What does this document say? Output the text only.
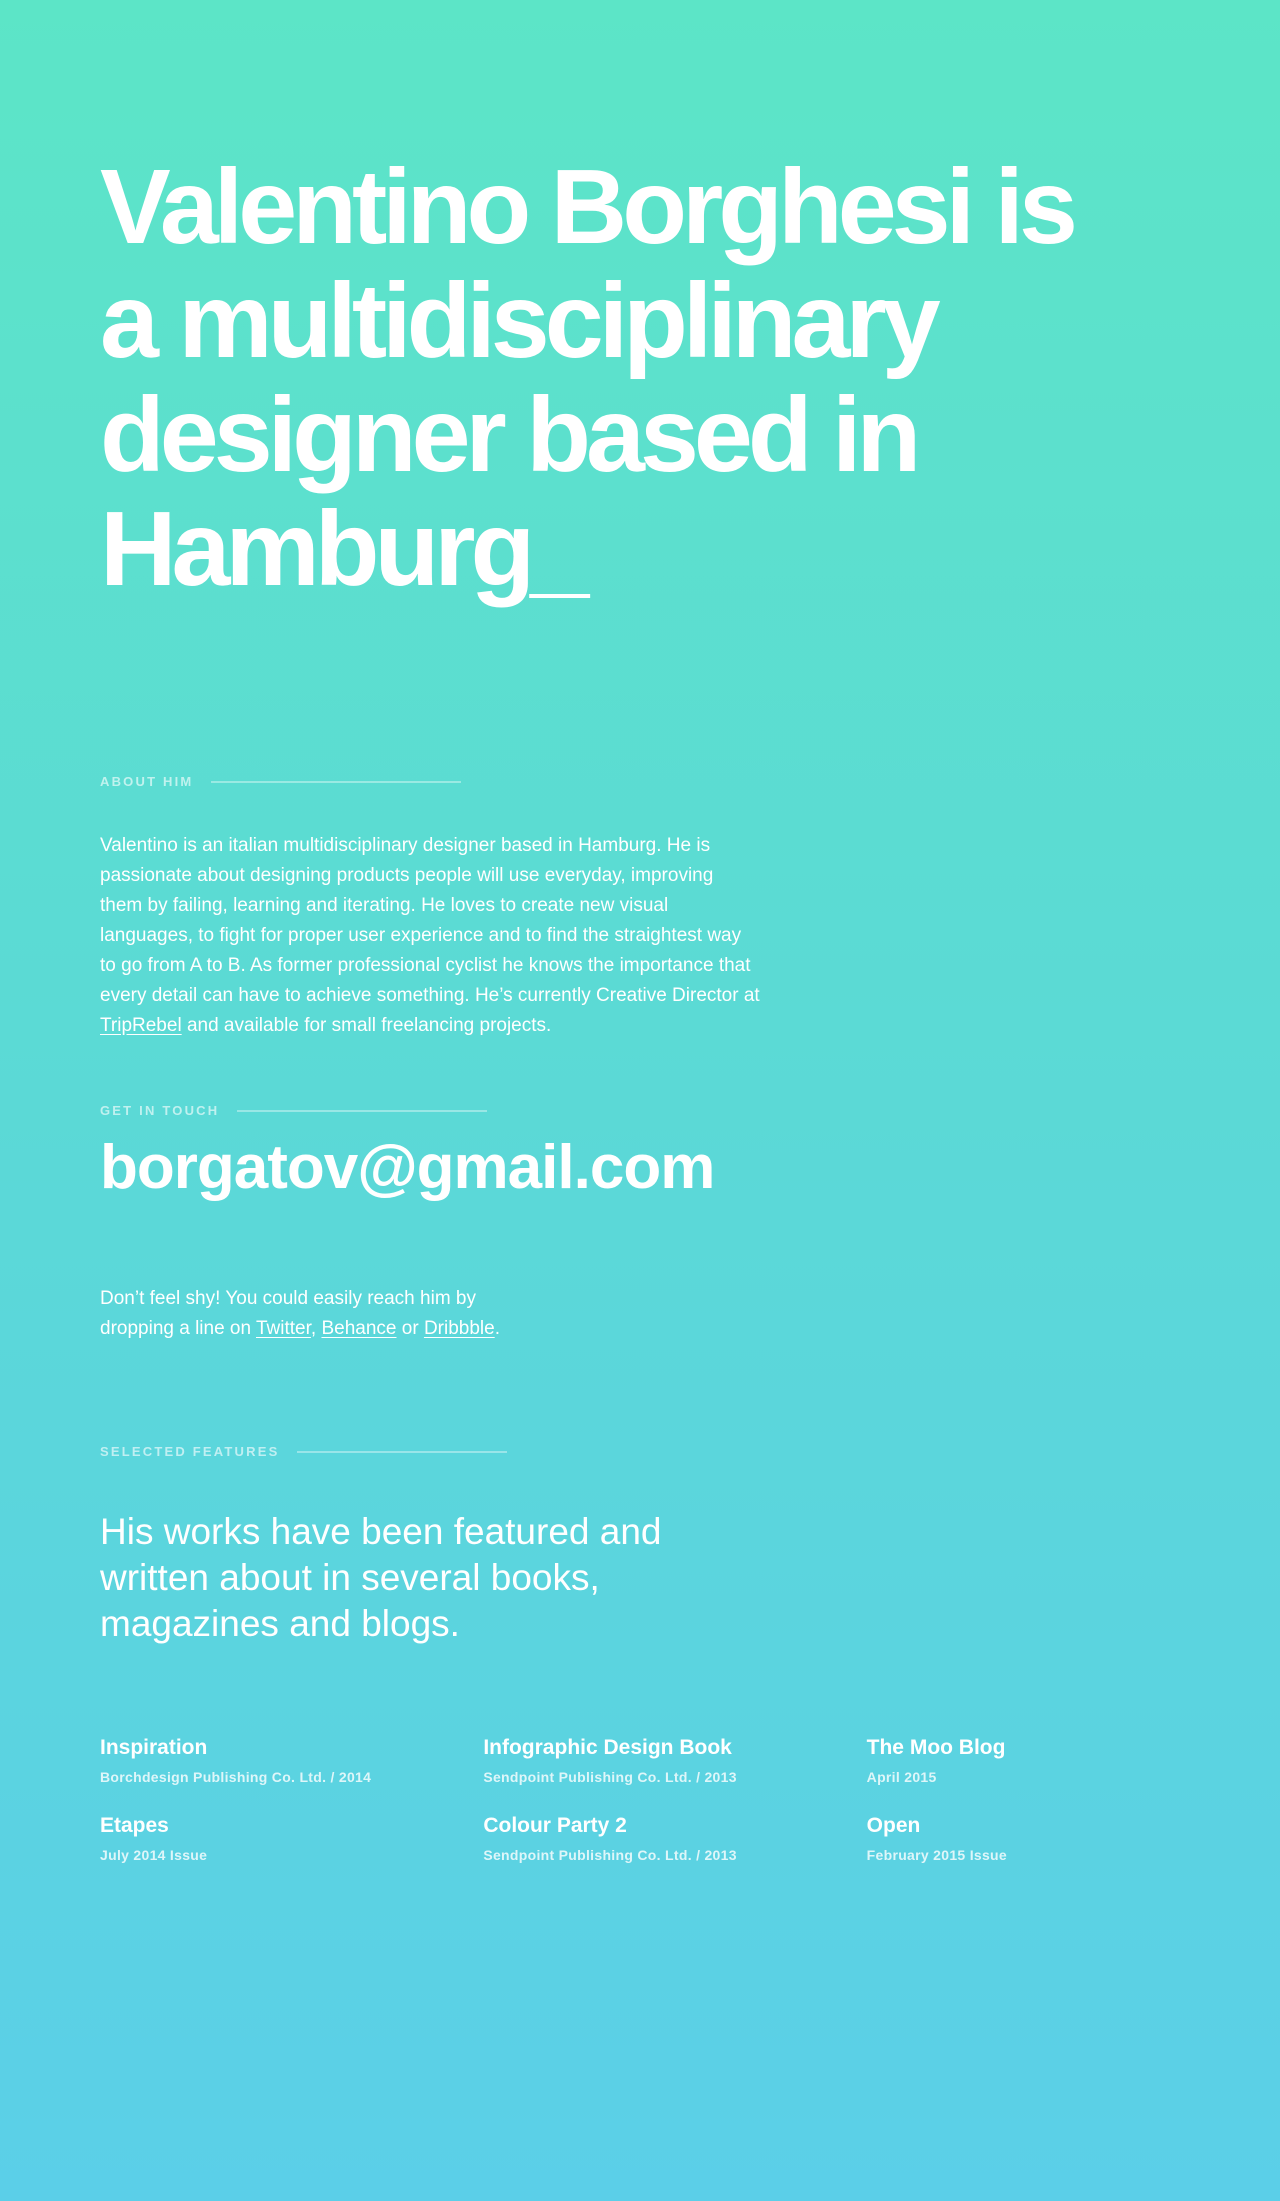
Valentino Borghesi is
a multidisciplinary
designer based in
Hamburg_
ABOUT HIM

Valentino is an italian multidisciplinary designer based in Hamburg. He is passionate about designing products people will use everyday, improving them by failing, learning and iterating. He loves to create new visual languages, to fight for proper user experience and to find the straightest way to go from A to B. As former professional cyclist he knows the importance that every detail can have to achieve something. He’s currently Creative Director at TripRebel and available for small freelancing projects.

GET IN TOUCH
borgatov@gmail.com

Don’t feel shy! You could easily reach him by
dropping a line on Twitter, Behance or Dribbble.

SELECTED FEATURES
His works have been featured and
written about in several books,
magazines and blogs.
Inspiration
Borchdesign Publishing Co. Ltd. / 2014
Infographic Design Book
Sendpoint Publishing Co. Ltd. / 2013
The Moo Blog
April 2015
Etapes
July 2014 Issue
Colour Party 2
Sendpoint Publishing Co. Ltd. / 2013
Open
February 2015 Issue
